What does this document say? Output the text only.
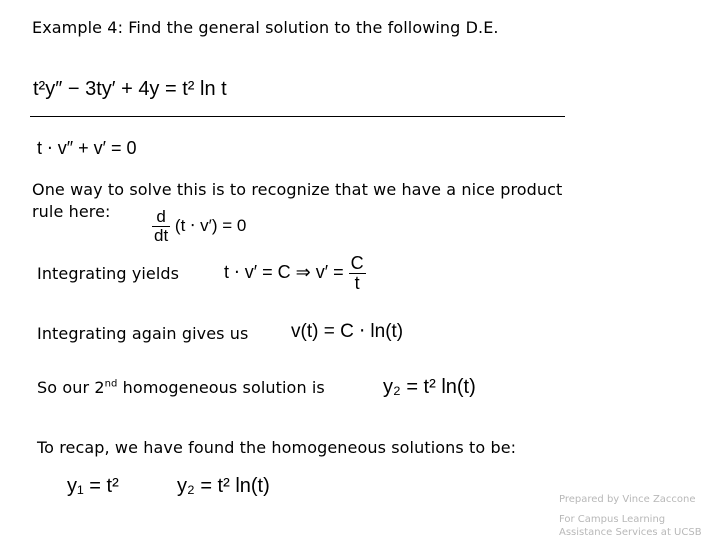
Example 4: Find the general solution to the following D.E.
t²y″ − 3ty′ + 4y = t² ln t
t ⋅ v″ + v′ = 0
One way to solve this is to recognize that we have a nice product
rule here: $\frac{d}{dt} (t \cdot v') = 0$
Integrating yields t ⋅ v′ = C ⇒ $v' = \frac{C}{t}$
Integrating again gives us v(t) = C ⋅ ln(t)
So our 2nd homogeneous solution is	y₂ = t² ln(t)
To recap, we have found the homogeneous solutions to be:
y₁ = t²	y₂ = t² ln(t)
Prepared by Vince Zaccone
For Campus Learning
Assistance Services at UCSB
